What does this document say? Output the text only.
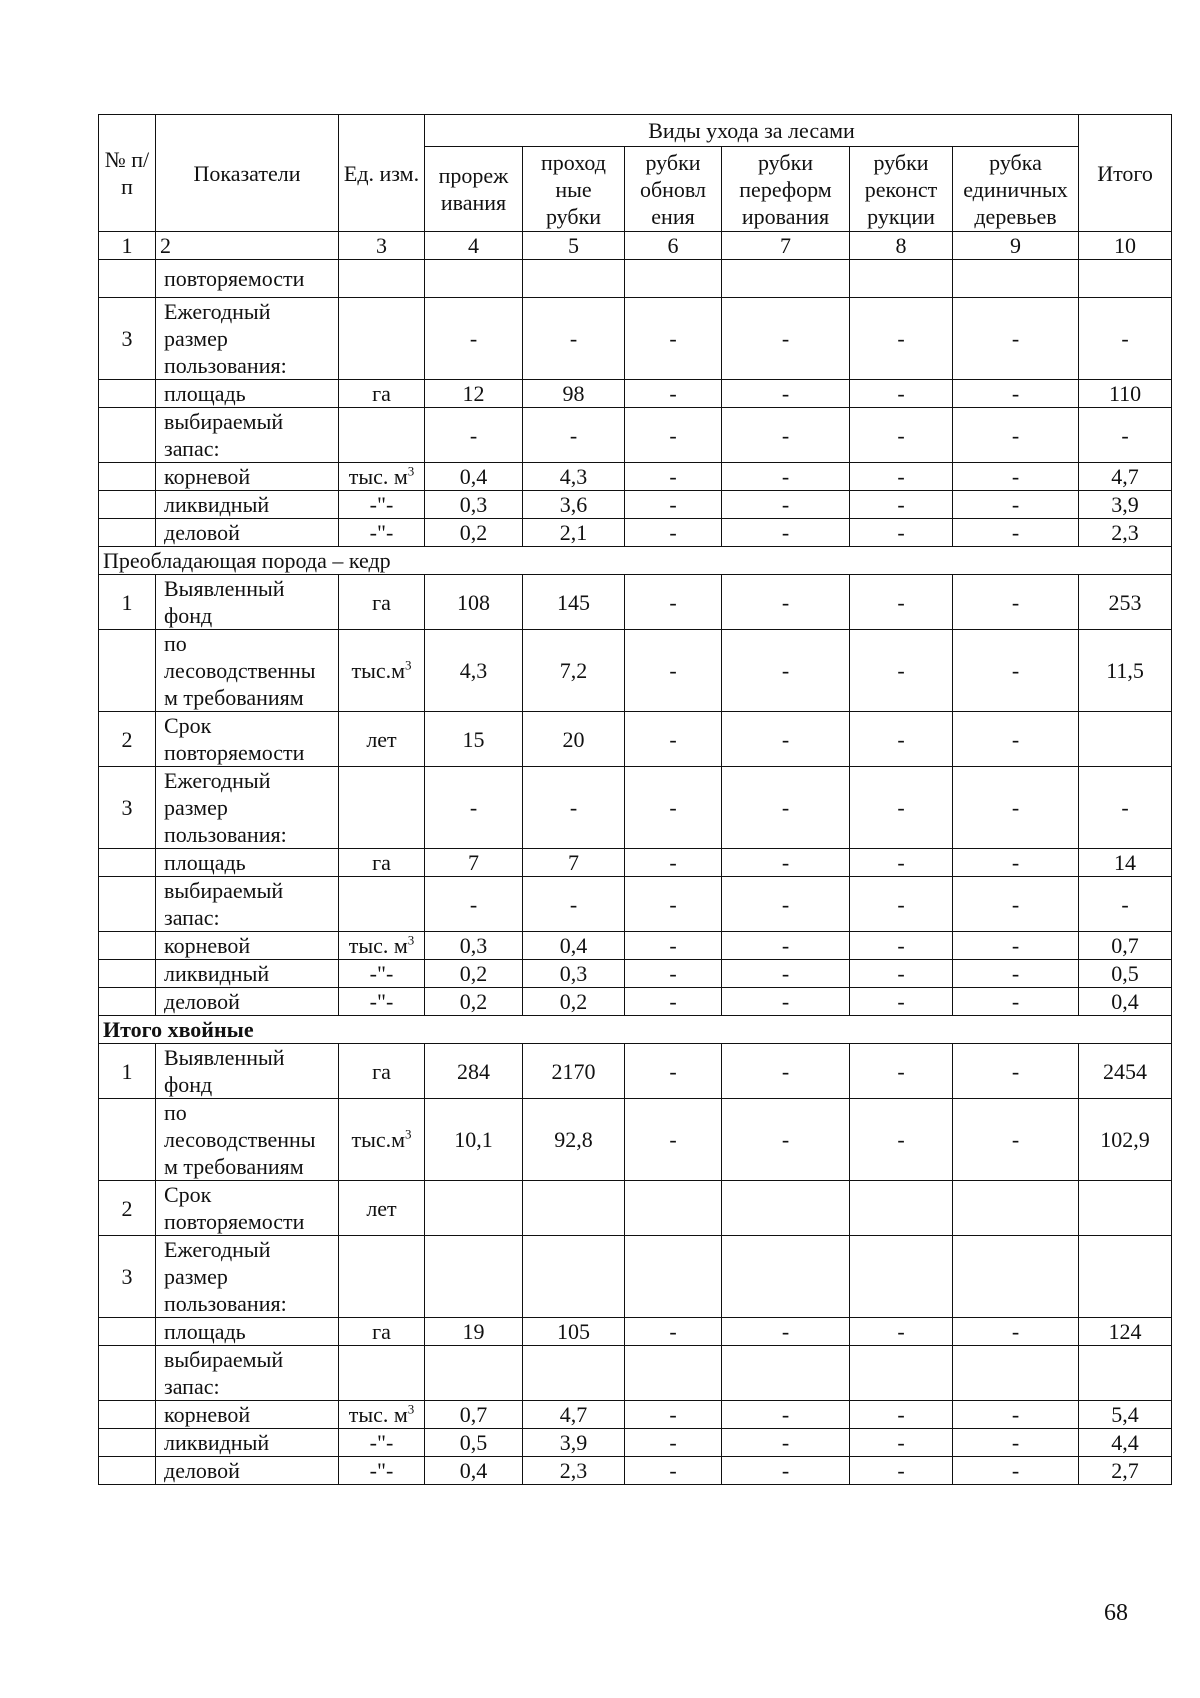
№ п/п	Показатели	Ед. изм.	Виды ухода за лесами						Итого
			прореж ивания	проход ные рубки	рубки обновл ения	рубки переформ ирования	рубки реконст рукции	рубка единичных деревьев	
1	2	3	4	5	6	7	8	9	10
	повторяемости								
3	Ежегодный размер пользования:		-	-	-	-	-	-	-
	площадь	га	12	98	-	-	-	-	110
	выбираемый запас:		-	-	-	-	-	-	-
	корневой	тыс. $м^3$	0,4	4,3	-	-	-	-	4,7
	ликвидный	-"-	0,3	3,6	-	-	-	-	3,9
	деловой	-"-	0,2	2,1	-	-	-	-	2,3
Преобладающая порода – кедр									
1	Выявленный фонд	га	108	145	-	-	-	-	253
	по лесоводственны м требованиям	$тыс.м^3$	4,3	7,2	-	-	-	-	11,5
2	Срок повторяемости	лет	15	20	-	-	-	-	
3	Ежегодный размер пользования:		-	-	-	-	-	-	-
	площадь	га	7	7	-	-	-	-	14
	выбираемый запас:		-	-	-	-	-	-	-
	корневой	тыс. $м^3$	0,3	0,4	-	-	-	-	0,7
	ликвидный	-"-	0,2	0,3	-	-	-	-	0,5
	деловой	-"-	0,2	0,2	-	-	-	-	0,4
Итого хвойные									
1	Выявленный фонд	га	284	2170	-	-	-	-	2454
	по лесоводственны м требованиям	$тыс.м^3$	10,1	92,8	-	-	-	-	102,9
2	Срок повторяемости	лет							
3	Ежегодный размер пользования:								
	площадь	га	19	105	-	-	-	-	124
	выбираемый запас:								
	корневой	тыс. $м^3$	0,7	4,7	-	-	-	-	5,4
	ликвидный	-"-	0,5	3,9	-	-	-	-	4,4
	деловой	-"-	0,4	2,3	-	-	-	-	2,7
68
